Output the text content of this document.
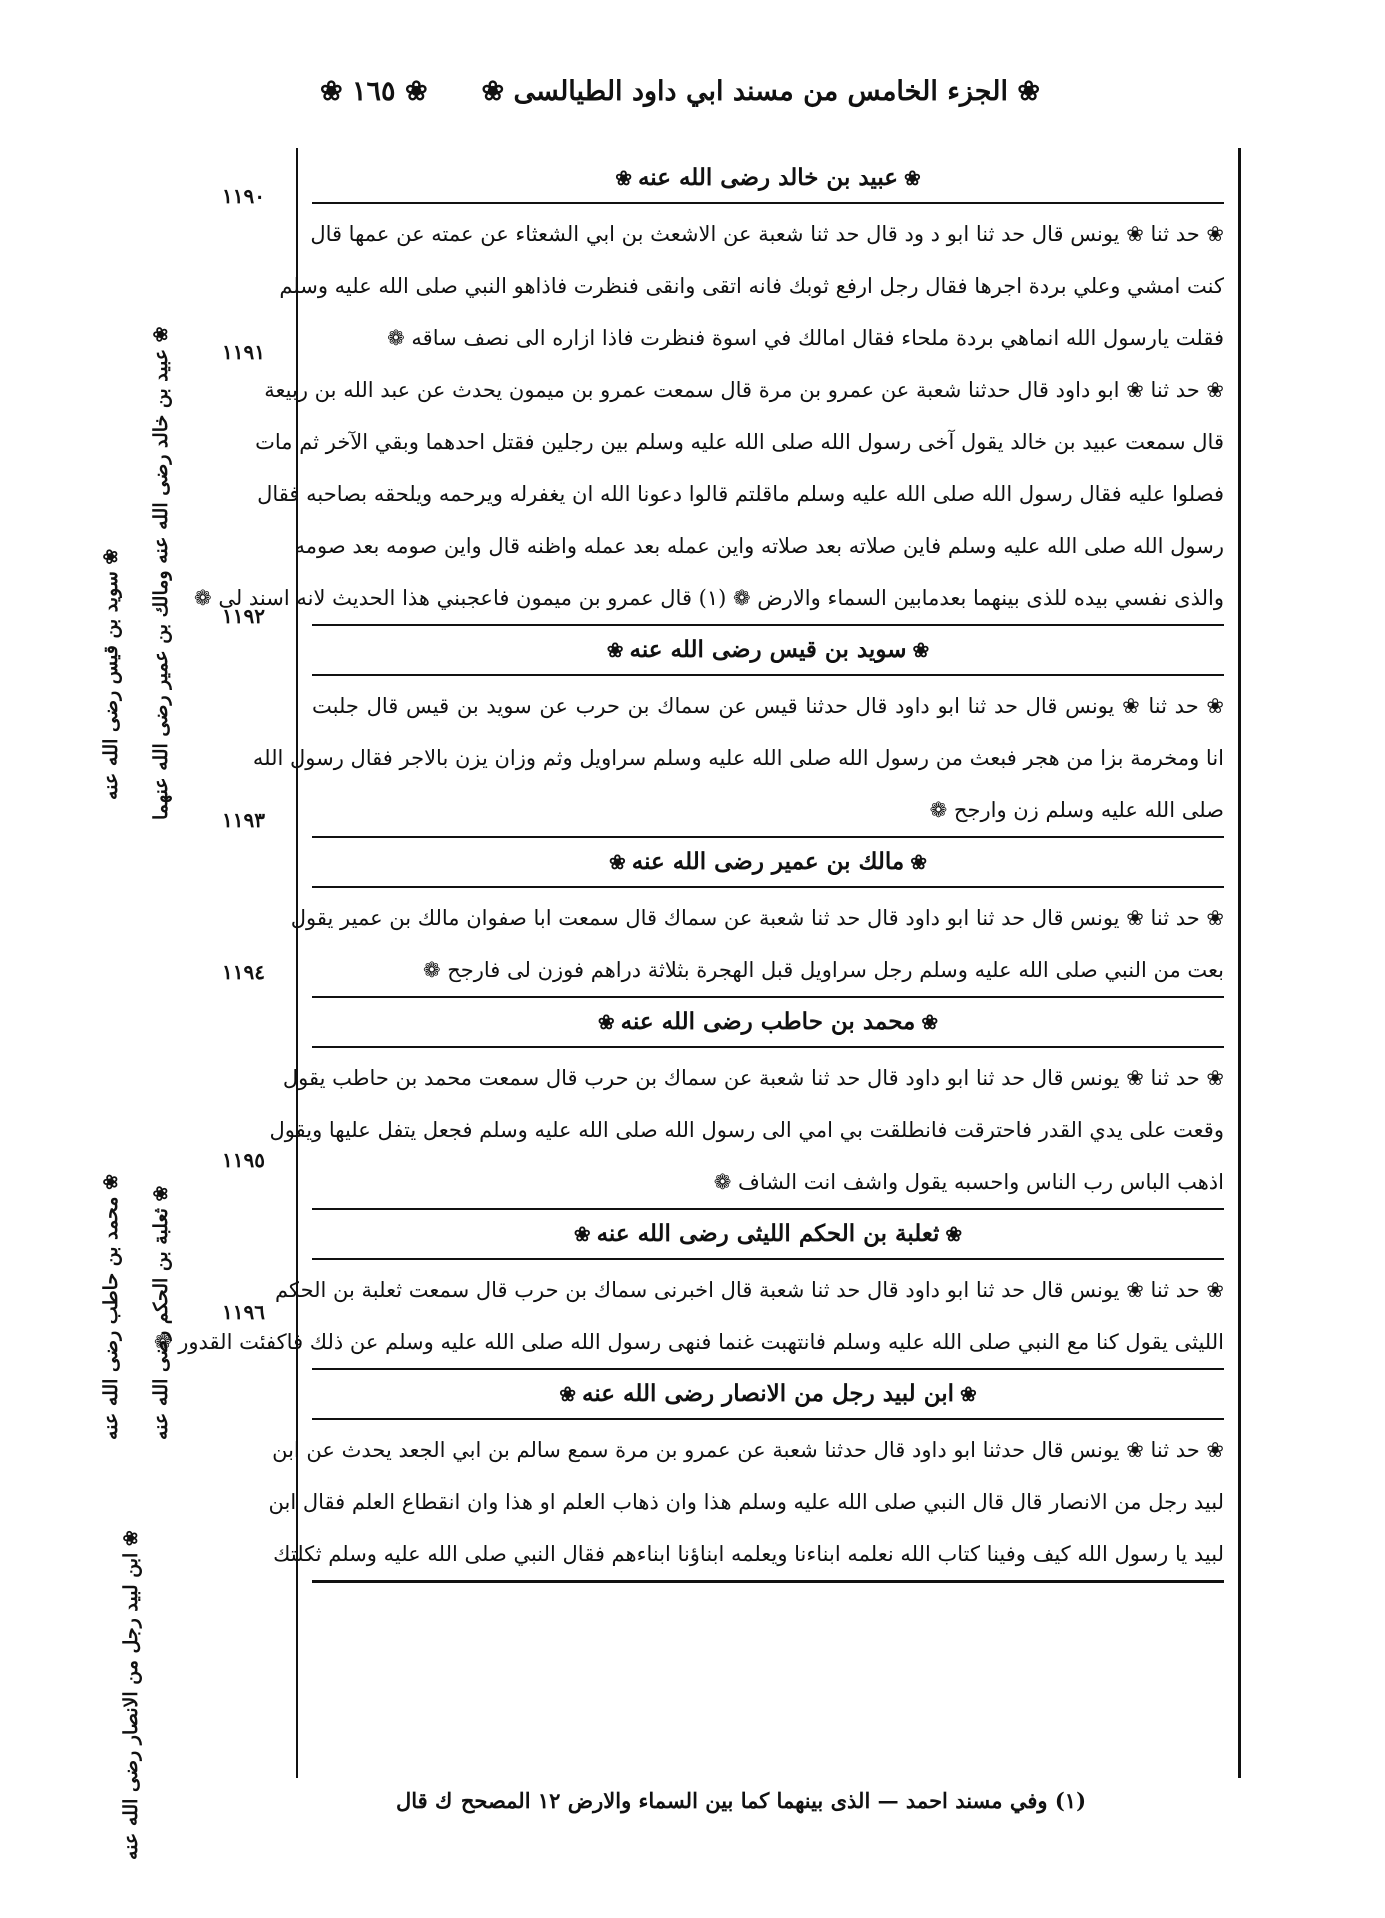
❀ الجزء الخامس من مسند ابي داود الطيالسى ❀
❀ ١٦٥ ❀
١١٩٠
١١٩١
١١٩٢
١١٩٣
١١٩٤
١١٩٥
١١٩٦
❀ عبيد بن خالد رضى الله عنه ومالك بن عمير رضى الله عنهما
❀ سويد بن قيس رضى الله عنه
❀ محمد بن حاطب رضى الله عنه ❀ ثعلبة بن الحكم رضى الله عنه
❀ ابن لبيد رجل من الانصار رضى الله عنه
❀عبيد بن خالد رضى الله عنه❀
❀ حد ثنا ❀ يونس قال حد ثنا ابو د ود قال حد ثنا شعبة عن الاشعث بن ابي الشعثاء عن عمته عن عمها قال
كنت امشي وعلي بردة اجرها فقال رجل ارفع ثوبك فانه اتقى وانقى فنظرت فاذاهو النبي صلى الله عليه وسلم
فقلت يارسول الله انماهي بردة ملحاء فقال امالك في اسوة فنظرت فاذا ازاره الى نصف ساقه ❁
❀ حد ثنا ❀ ابو داود قال حدثنا شعبة عن عمرو بن مرة قال سمعت عمرو بن ميمون يحدث عن عبد الله بن ربيعة
قال سمعت عبيد بن خالد يقول آخى رسول الله صلى الله عليه وسلم بين رجلين فقتل احدهما وبقي الآخر ثم مات
فصلوا عليه فقال رسول الله صلى الله عليه وسلم ماقلتم قالوا دعونا الله ان يغفرله ويرحمه ويلحقه بصاحبه فقال
رسول الله صلى الله عليه وسلم فاين صلاته بعد صلاته واين عمله بعد عمله واظنه قال واين صومه بعد صومه
والذى نفسي بيده للذى بينهما بعدمابين السماء والارض ❁ (١) قال عمرو بن ميمون فاعجبني هذا الحديث لانه اسند لى ❁
❀سويد بن قيس رضى الله عنه❀
❀ حد ثنا ❀ يونس قال حد ثنا ابو داود قال حدثنا قيس عن سماك بن حرب عن سويد بن قيس قال جلبت
انا ومخرمة بزا من هجر فبعث من رسول الله صلى الله عليه وسلم سراويل وثم وزان يزن بالاجر فقال رسول الله
صلى الله عليه وسلم زن وارجح ❁
❀مالك بن عمير رضى الله عنه❀
❀ حد ثنا ❀ يونس قال حد ثنا ابو داود قال حد ثنا شعبة عن سماك قال سمعت ابا صفوان مالك بن عمير يقول
بعت من النبي صلى الله عليه وسلم رجل سراويل قبل الهجرة بثلاثة دراهم فوزن لى فارجح ❁
❀محمد بن حاطب رضى الله عنه❀
❀ حد ثنا ❀ يونس قال حد ثنا ابو داود قال حد ثنا شعبة عن سماك بن حرب قال سمعت محمد بن حاطب يقول
وقعت على يدي القدر فاحترقت فانطلقت بي امي الى رسول الله صلى الله عليه وسلم فجعل يتفل عليها ويقول
اذهب الباس رب الناس واحسبه يقول واشف انت الشاف ❁
❀ثعلبة بن الحكم الليثى رضى الله عنه❀
❀ حد ثنا ❀ يونس قال حد ثنا ابو داود قال حد ثنا شعبة قال اخبرنى سماك بن حرب قال سمعت ثعلبة بن الحكم
الليثى يقول كنا مع النبي صلى الله عليه وسلم فانتهبت غنما فنهى رسول الله صلى الله عليه وسلم عن ذلك فاكفئت القدور ❁
❀ابن لبيد رجل من الانصار رضى الله عنه❀
❀ حد ثنا ❀ يونس قال حدثنا ابو داود قال حدثنا شعبة عن عمرو بن مرة سمع سالم بن ابي الجعد يحدث عن ابن
لبيد رجل من الانصار قال قال النبي صلى الله عليه وسلم هذا وان ذهاب العلم او هذا وان انقطاع العلم فقال ابن
لبيد يا رسول الله كيف وفينا كتاب الله نعلمه ابناءنا ويعلمه ابناؤنا ابناءهم فقال النبي صلى الله عليه وسلم ثكلتك
(١) وفي مسند احمد — الذى بينهما كما بين السماء والارض ١٢ المصحح
ك قال
